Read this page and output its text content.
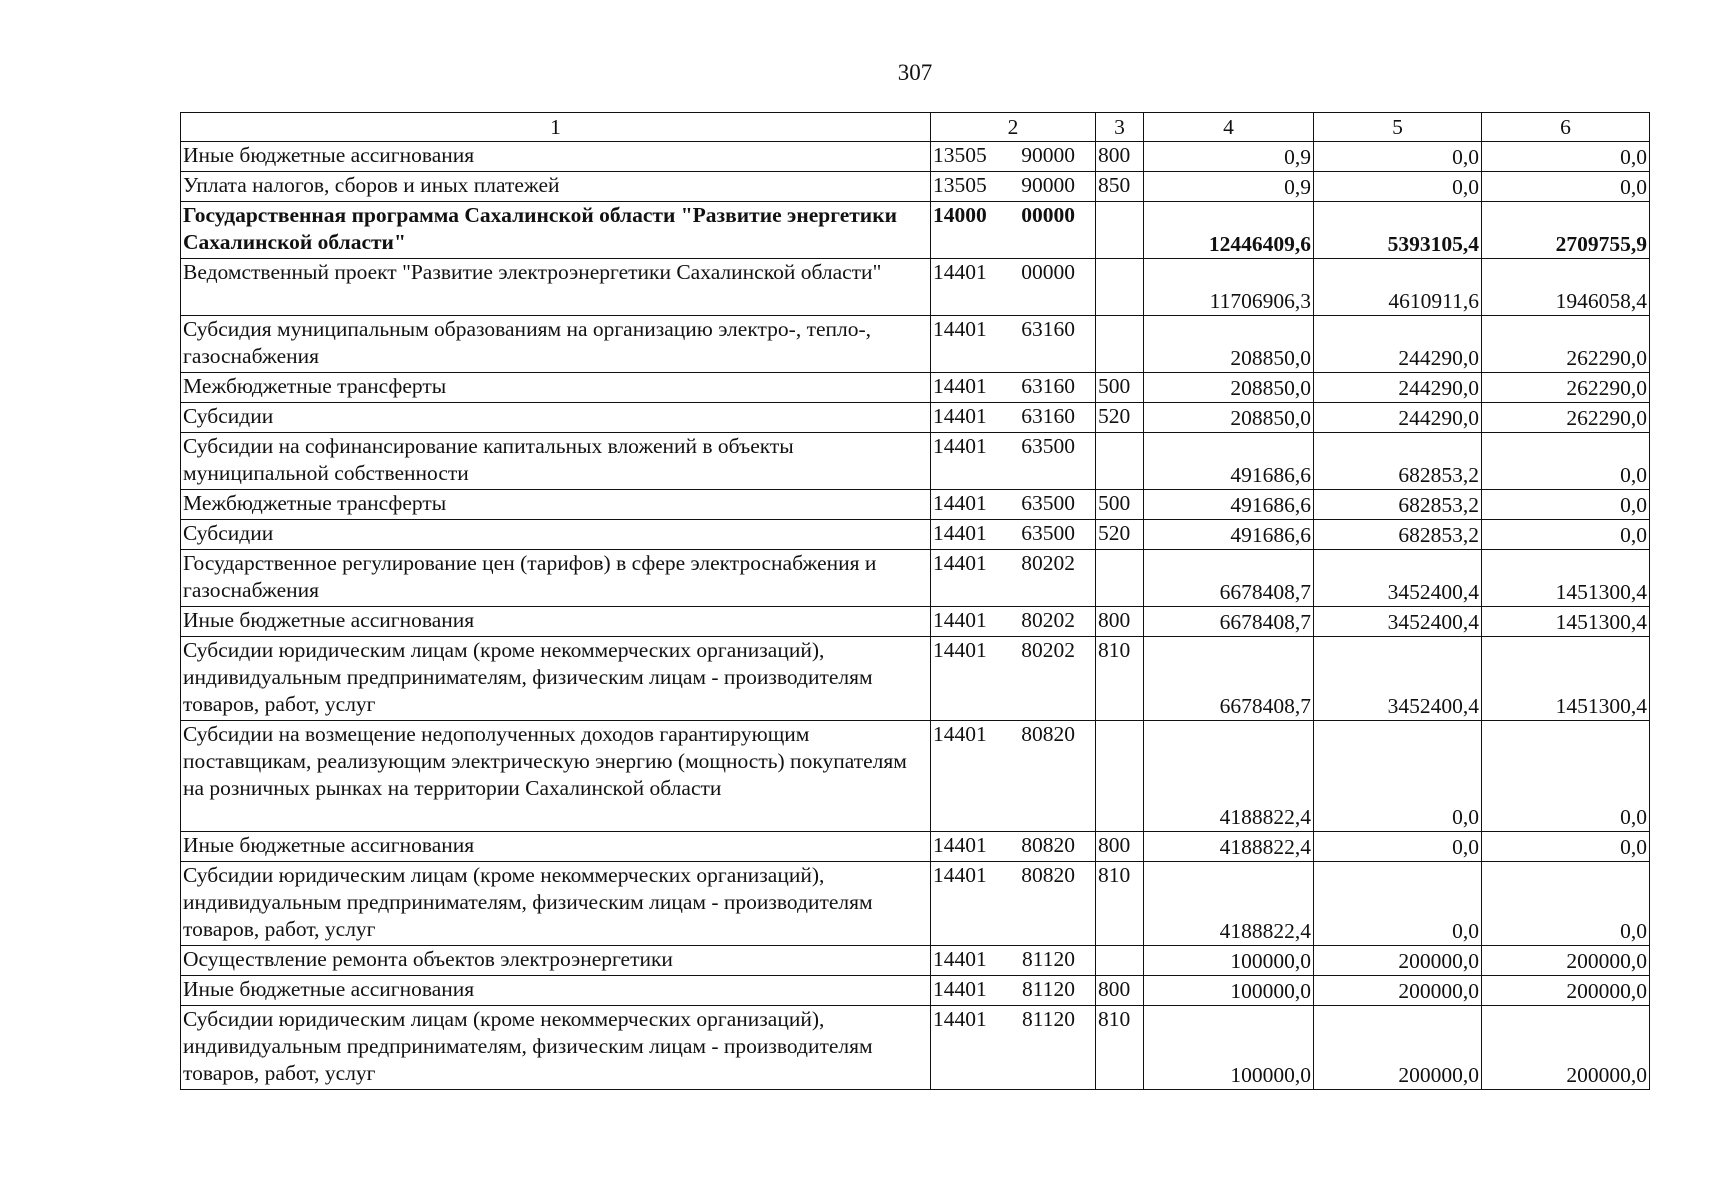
307
1	2	3	4	5	6
Иные бюджетные ассигнования	13505 90000	800	0,9	0,0	0,0
Уплата налогов, сборов и иных платежей	13505 90000	850	0,9	0,0	0,0
Государственная программа Сахалинской области "Развитие энергетики Сахалинской области"	14000 00000		12446409,6	5393105,4	2709755,9
Ведомственный проект "Развитие электроэнергетики Сахалинской области"	14401 00000		11706906,3	4610911,6	1946058,4
Субсидия муниципальным образованиям на организацию электро-, тепло-, газоснабжения	14401 63160		208850,0	244290,0	262290,0
Межбюджетные трансферты	14401 63160	500	208850,0	244290,0	262290,0
Субсидии	14401 63160	520	208850,0	244290,0	262290,0
Субсидии на софинансирование капитальных вложений в объекты муниципальной собственности	14401 63500		491686,6	682853,2	0,0
Межбюджетные трансферты	14401 63500	500	491686,6	682853,2	0,0
Субсидии	14401 63500	520	491686,6	682853,2	0,0
Государственное регулирование цен (тарифов) в сфере электроснабжения и газоснабжения	14401 80202		6678408,7	3452400,4	1451300,4
Иные бюджетные ассигнования	14401 80202	800	6678408,7	3452400,4	1451300,4
Субсидии юридическим лицам (кроме некоммерческих организаций), индивидуальным предпринимателям, физическим лицам - производителям товаров, работ, услуг	14401 80202	810	6678408,7	3452400,4	1451300,4
Субсидии на возмещение недополученных доходов гарантирующим поставщикам, реализующим электрическую энергию (мощность) покупателям на розничных рынках на территории Сахалинской области	14401 80820		4188822,4	0,0	0,0
Иные бюджетные ассигнования	14401 80820	800	4188822,4	0,0	0,0
Субсидии юридическим лицам (кроме некоммерческих организаций), индивидуальным предпринимателям, физическим лицам - производителям товаров, работ, услуг	14401 80820	810	4188822,4	0,0	0,0
Осуществление ремонта объектов электроэнергетики	14401 81120		100000,0	200000,0	200000,0
Иные бюджетные ассигнования	14401 81120	800	100000,0	200000,0	200000,0
Субсидии юридическим лицам (кроме некоммерческих организаций), индивидуальным предпринимателям, физическим лицам - производителям товаров, работ, услуг	14401 81120	810	100000,0	200000,0	200000,0
